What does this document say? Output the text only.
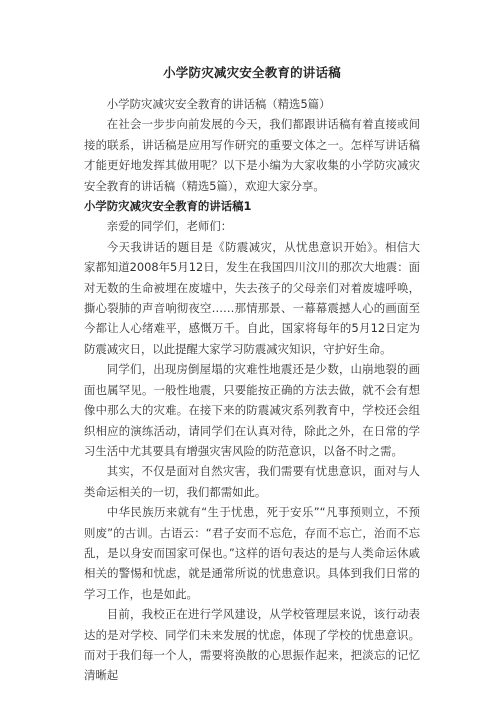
小学防灾减灾安全教育的讲话稿

小学防灾减灾安全教育的讲话稿（精选5篇）

在社会一步步向前发展的今天，我们都跟讲话稿有着直接或间接的联系，讲话稿是应用写作研究的重要文体之一。怎样写讲话稿才能更好地发挥其做用呢？以下是小编为大家收集的小学防灾减灾安全教育的讲话稿（精选5篇），欢迎大家分享。

小学防灾减灾安全教育的讲话稿1

亲爱的同学们，老师们：

今天我讲话的题目是《防震减灾，从忧患意识开始》。相信大家都知道2008年5月12日，发生在我国四川汶川的那次大地震：面对无数的生命被埋在废墟中，失去孩子的父母亲们对着废墟呼唤，撕心裂肺的声音响彻夜空……那情那景、一幕幕震撼人心的画面至今都让人心绪难平，感慨万千。自此，国家将每年的5月12日定为防震减灾日，以此提醒大家学习防震减灾知识，守护好生命。

同学们，出现房倒屋塌的灾难性地震还是少数，山崩地裂的画面也属罕见。一般性地震，只要能按正确的方法去做，就不会有想像中那么大的灾难。在接下来的防震减灾系列教育中，学校还会组织相应的演练活动，请同学们在认真对待，除此之外，在日常的学习生活中尤其要具有增强灾害风险的防范意识，以备不时之需。

其实，不仅是面对自然灾害，我们需要有忧患意识，面对与人类命运相关的一切，我们都需如此。

中华民族历来就有“生于忧患，死于安乐”“凡事预则立，不预则废”的古训。古语云：“君子安而不忘危，存而不忘亡，治而不忘乱，是以身安而国家可保也。”这样的语句表达的是与人类命运休戚相关的警惕和忧虑，就是通常所说的忧患意识。具体到我们日常的学习工作，也是如此。

目前，我校正在进行学风建设，从学校管理层来说，该行动表达的是对学校、同学们未来发展的忧虑，体现了学校的忧患意识。而对于我们每一个人，需要将涣散的心思振作起来，把淡忘的记忆清晰起
